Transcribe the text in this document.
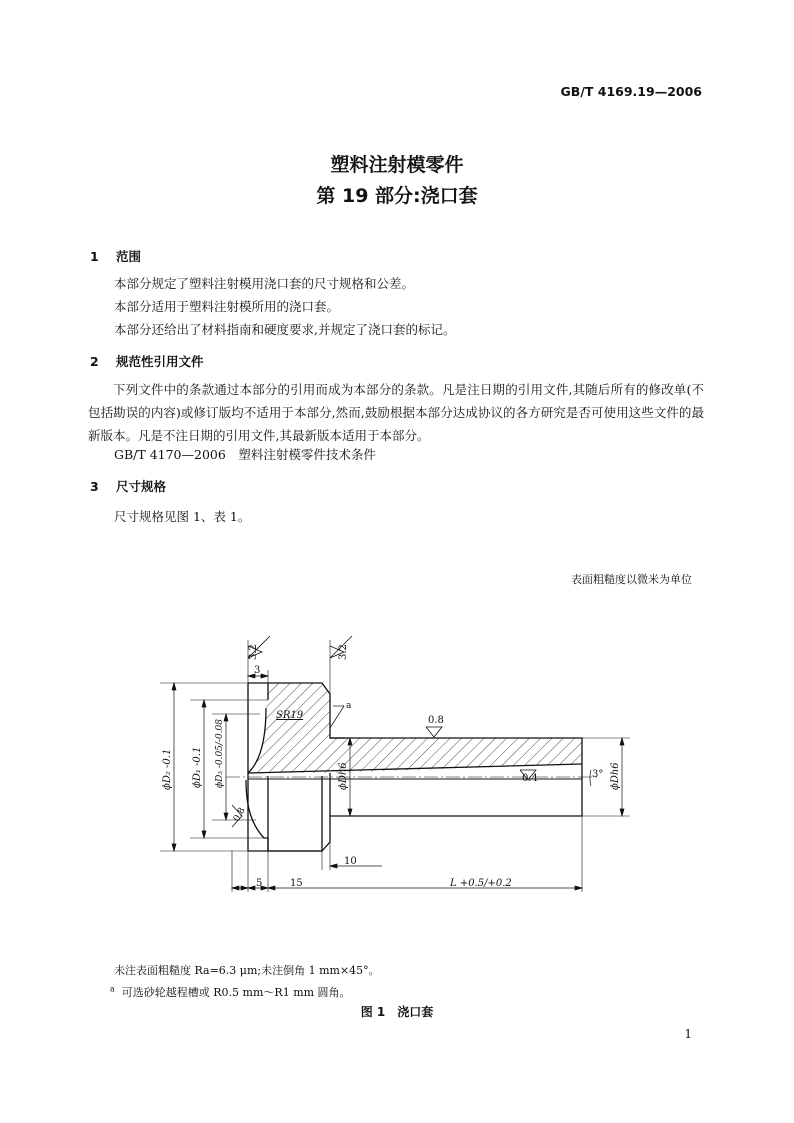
GB/T 4169.19—2006
塑料注射模零件
第 19 部分:浇口套
1 范围
本部分规定了塑料注射模用浇口套的尺寸规格和公差。
本部分适用于塑料注射模所用的浇口套。
本部分还给出了材料指南和硬度要求,并规定了浇口套的标记。
2 规范性引用文件
下列文件中的条款通过本部分的引用而成为本部分的条款。凡是注日期的引用文件,其随后所有的修改单(不包括勘误的内容)或修订版均不适用于本部分,然而,鼓励根据本部分达成协议的各方研究是否可使用这些文件的最新版本。凡是不注日期的引用文件,其最新版本适用于本部分。
GB/T 4170—2006　塑料注射模零件技术条件
3 尺寸规格
尺寸规格见图 1、表 1。
表面粗糙度以微米为单位
3.2	3.2
0.8
0.4
0.8
3
SR19
a
ϕD₂ -0.1 ϕD₁ -0.1 ϕD₃ -0.05/-0.08	ϕDh6	ϕDh6
3°
10
5	15	L +0.5/+0.2
未注表面粗糙度 Ra=6.3 μm;未注倒角 1 mm×45°。
$^a$ 可选砂轮越程槽或 R0.5 mm～R1 mm 圆角。
图 1　浇口套
1
